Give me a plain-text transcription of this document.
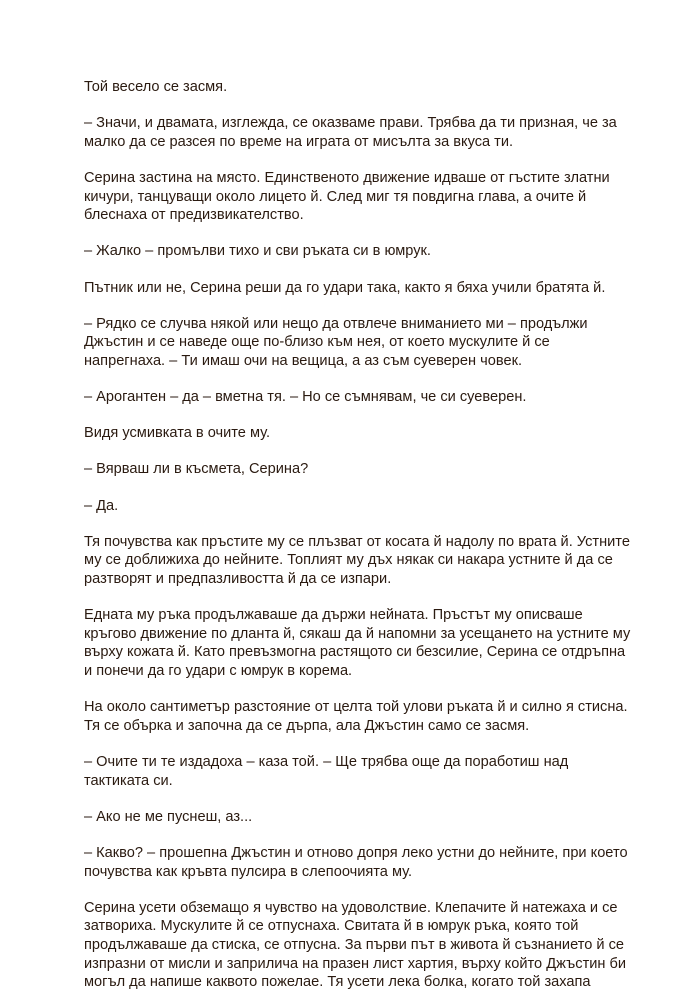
Той весело се засмя.

– Значи, и двамата, изглежда, се оказваме прави. Трябва да ти призная, че за
малко да се разсея по време на играта от мисълта за вкуса ти.

Серина застина на място. Единственото движение идваше от гъстите златни
кичури, танцуващи около лицето й. След миг тя повдигна глава, а очите й
блеснаха от предизвикателство.

– Жалко – промълви тихо и сви ръката си в юмрук.

Пътник или не, Серина реши да го удари така, както я бяха учили братята й.

– Рядко се случва някой или нещо да отвлече вниманието ми – продължи
Джъстин и се наведе още по-близо към нея, от което мускулите й се
напрегнаха. – Ти имаш очи на вещица, а аз съм суеверен човек.

– Арогантен – да – вметна тя. – Но се съмнявам, че си суеверен.

Видя усмивката в очите му.

– Вярваш ли в късмета, Серина?

– Да.

Тя почувства как пръстите му се плъзват от косата й надолу по врата й. Устните
му се доближиха до нейните. Топлият му дъх някак си накара устните й да се
разтворят и предпазливостта й да се изпари.

Едната му ръка продължаваше да държи нейната. Пръстът му описваше
кръгово движение по дланта й, сякаш да й напомни за усещането на устните му
върху кожата й. Като превъзмогна растящото си безсилие, Серина се отдръпна
и понечи да го удари с юмрук в корема.

На около сантиметър разстояние от целта той улови ръката й и силно я стисна.
Тя се обърка и започна да се дърпа, ала Джъстин само се засмя.

– Очите ти те издадоха – каза той. – Ще трябва още да поработиш над
тактиката си.

– Ако не ме пуснеш, аз...

– Какво? – прошепна Джъстин и отново допря леко устни до нейните, при което
почувства как кръвта пулсира в слепоочията му.

Серина усети обземащо я чувство на удоволствие. Клепачите й натежаха и се
затвориха. Мускулите й се отпуснаха. Свитата й в юмрук ръка, която той
продължаваше да стиска, се отпусна. За първи път в живота й съзнанието й се
изпразни от мисли и заприлича на празен лист хартия, върху който Джъстин би
могъл да напише каквото пожелае. Тя усети лека болка, когато той захапа
